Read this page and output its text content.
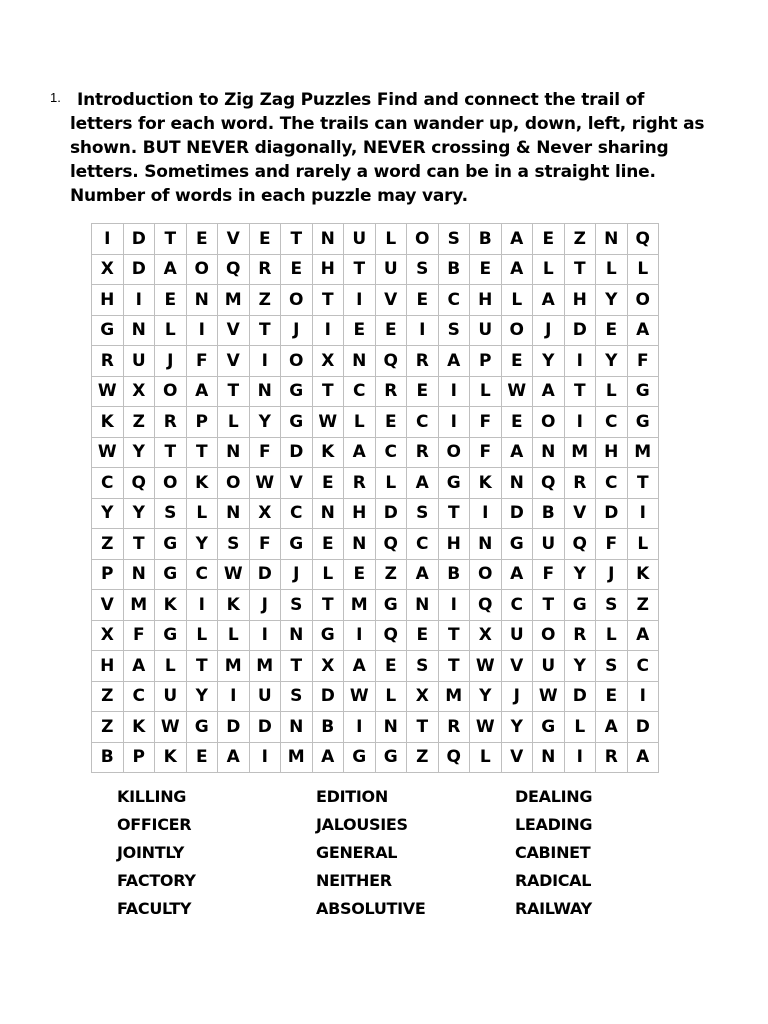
1. Introduction to Zig Zag Puzzles Find and connect the trail of
letters for each word. The trails can wander up, down, left, right as
shown. BUT NEVER diagonally, NEVER crossing & Never sharing
letters. Sometimes and rarely a word can be in a straight line.
Number of words in each puzzle may vary.
I	D	T	E	V	E	T	N	U	L	O	S	B	A	E	Z	N	Q
X	D	A	O	Q	R	E	H	T	U	S	B	E	A	L	T	L	L
H	I	E	N	M	Z	O	T	I	V	E	C	H	L	A	H	Y	O
G	N	L	I	V	T	J	I	E	E	I	S	U	O	J	D	E	A
R	U	J	F	V	I	O	X	N	Q	R	A	P	E	Y	I	Y	F
W	X	O	A	T	N	G	T	C	R	E	I	L	W	A	T	L	G
K	Z	R	P	L	Y	G	W	L	E	C	I	F	E	O	I	C	G
W	Y	T	T	N	F	D	K	A	C	R	O	F	A	N	M	H	M
C	Q	O	K	O	W	V	E	R	L	A	G	K	N	Q	R	C	T
Y	Y	S	L	N	X	C	N	H	D	S	T	I	D	B	V	D	I
Z	T	G	Y	S	F	G	E	N	Q	C	H	N	G	U	Q	F	L
P	N	G	C	W	D	J	L	E	Z	A	B	O	A	F	Y	J	K
V	M	K	I	K	J	S	T	M	G	N	I	Q	C	T	G	S	Z
X	F	G	L	L	I	N	G	I	Q	E	T	X	U	O	R	L	A
H	A	L	T	M	M	T	X	A	E	S	T	W	V	U	Y	S	C
Z	C	U	Y	I	U	S	D	W	L	X	M	Y	J	W	D	E	I
Z	K	W	G	D	D	N	B	I	N	T	R	W	Y	G	L	A	D
B	P	K	E	A	I	M	A	G	G	Z	Q	L	V	N	I	R	A
KILLING
OFFICER
JOINTLY
FACTORY
FACULTY
EDITION
JALOUSIES
GENERAL
NEITHER
ABSOLUTIVE
DEALING
LEADING
CABINET
RADICAL
RAILWAY
